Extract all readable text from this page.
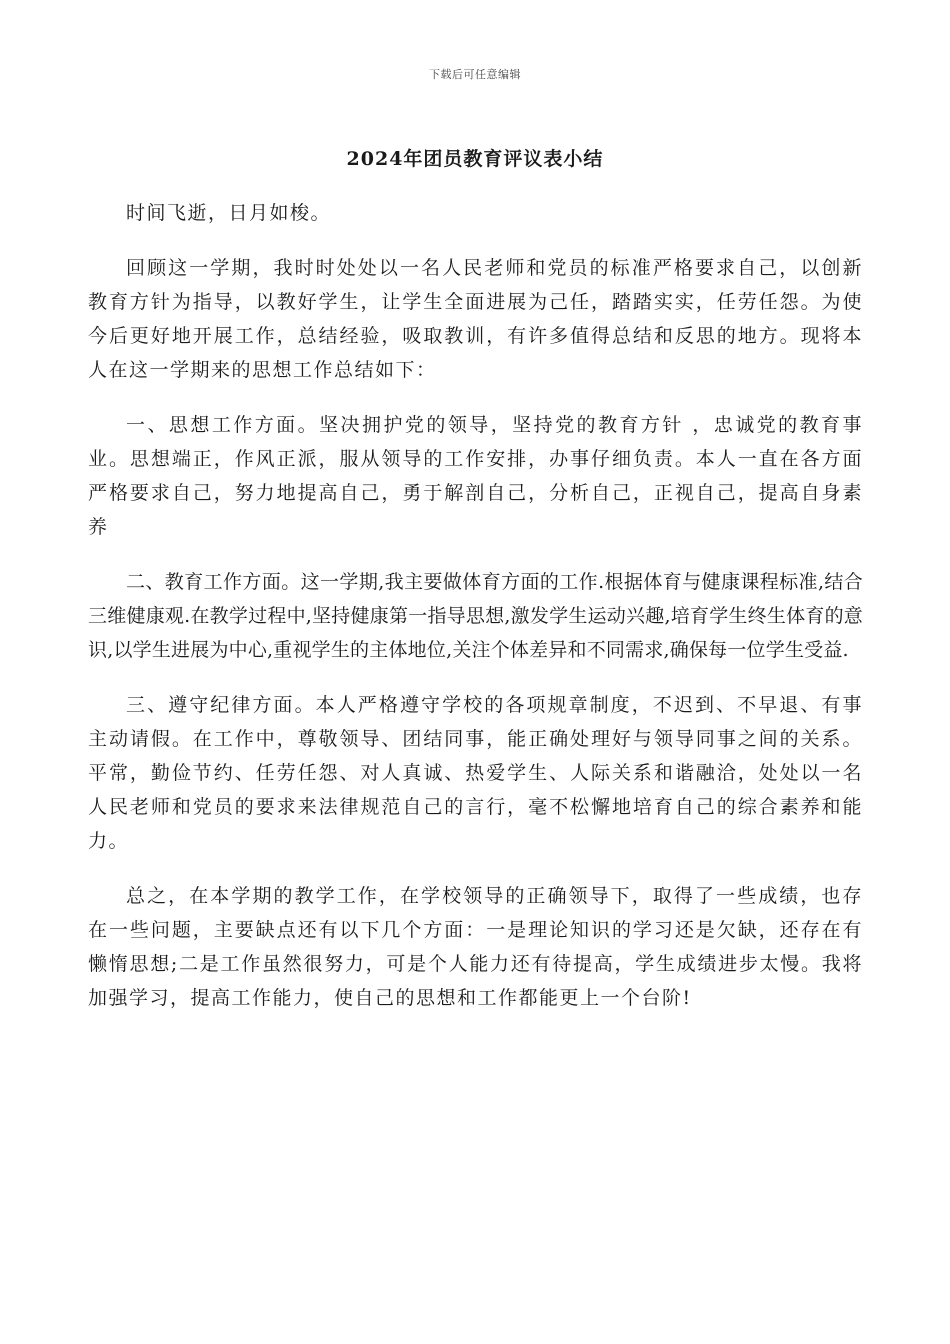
下载后可任意编辑
2024年团员教育评议表小结

时间飞逝，日月如梭。

回顾这一学期，我时时处处以一名人民老师和党员的标准严格要求自己，以创新教育方针为指导，以教好学生，让学生全面进展为己任，踏踏实实，任劳任怨。为使今后更好地开展工作，总结经验，吸取教训，有许多值得总结和反思的地方。现将本人在这一学期来的思想工作总结如下：

一、思想工作方面。坚决拥护党的领导，坚持党的教育方针 ，忠诚党的教育事业。思想端正，作风正派，服从领导的工作安排，办事仔细负责。本人一直在各方面严格要求自己，努力地提高自己，勇于解剖自己，分析自己，正视自己，提高自身素养

二、教育工作方面。这一学期,我主要做体育方面的工作.根据体育与健康课程标准,结合三维健康观.在教学过程中,坚持健康第一指导思想,激发学生运动兴趣,培育学生终生体育的意识,以学生进展为中心,重视学生的主体地位,关注个体差异和不同需求,确保每一位学生受益.

三、遵守纪律方面。本人严格遵守学校的各项规章制度，不迟到、不早退、有事主动请假。在工作中，尊敬领导、团结同事，能正确处理好与领导同事之间的关系。平常，勤俭节约、任劳任怨、对人真诚、热爱学生、人际关系和谐融洽，处处以一名人民老师和党员的要求来法律规范自己的言行，毫不松懈地培育自己的综合素养和能力。

总之，在本学期的教学工作，在学校领导的正确领导下，取得了一些成绩，也存在一些问题，主要缺点还有以下几个方面：一是理论知识的学习还是欠缺，还存在有懒惰思想;二是工作虽然很努力，可是个人能力还有待提高，学生成绩进步太慢。我将加强学习，提高工作能力，使自己的思想和工作都能更上一个台阶!
